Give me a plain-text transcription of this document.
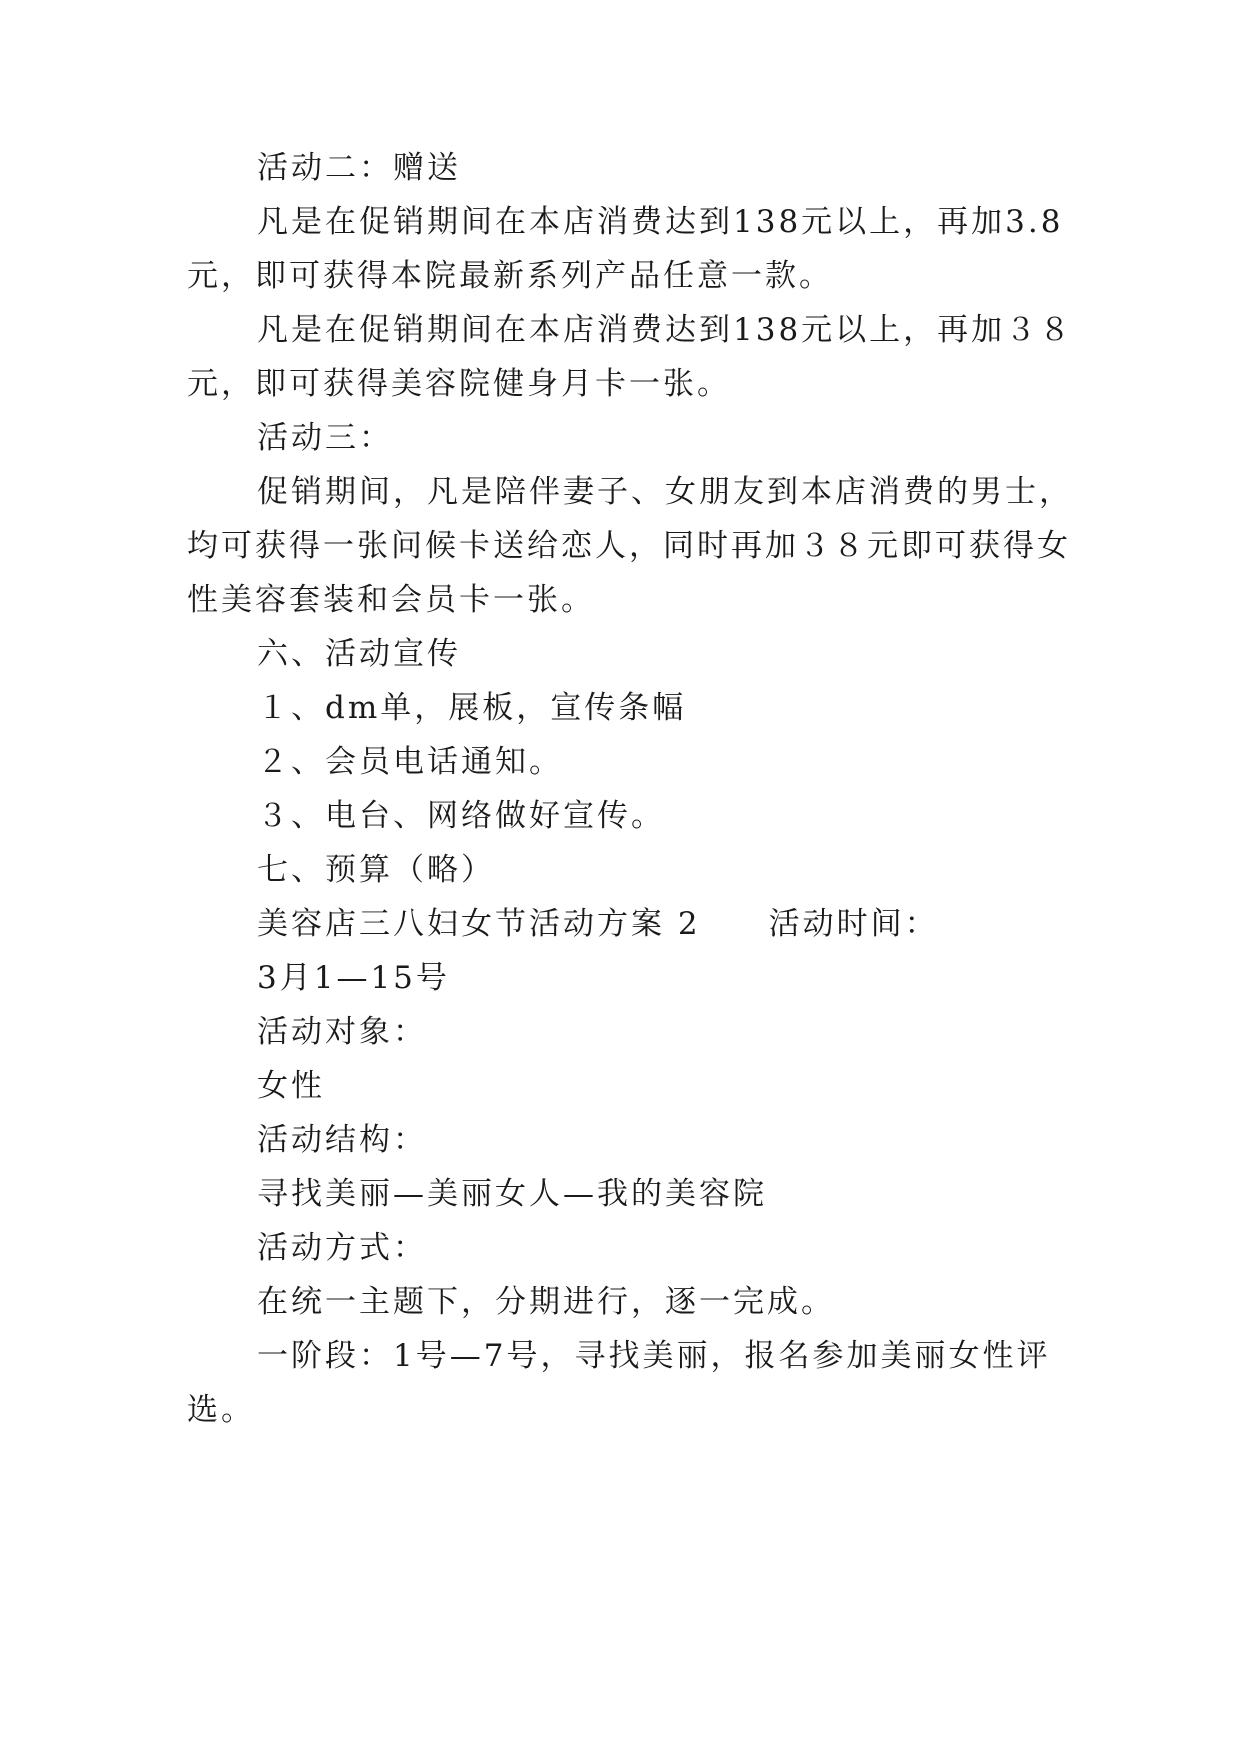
活动二：赠送
凡是在促销期间在本店消费达到138元以上，再加3.8
元，即可获得本院最新系列产品任意一款。
凡是在促销期间在本店消费达到138元以上，再加３８
元，即可获得美容院健身月卡一张。
活动三：
促销期间，凡是陪伴妻子、女朋友到本店消费的男士，
均可获得一张问候卡送给恋人，同时再加３８元即可获得女
性美容套装和会员卡一张。
六、活动宣传
１、dm单，展板，宣传条幅
２、会员电话通知。
３、电台、网络做好宣传。
七、预算（略）
美容店三八妇女节活动方案 2　　活动时间：
3月1—15号
活动对象：
女性
活动结构：
寻找美丽—美丽女人—我的美容院
活动方式：
在统一主题下，分期进行，逐一完成。
一阶段：1号—7号，寻找美丽，报名参加美丽女性评
选。
